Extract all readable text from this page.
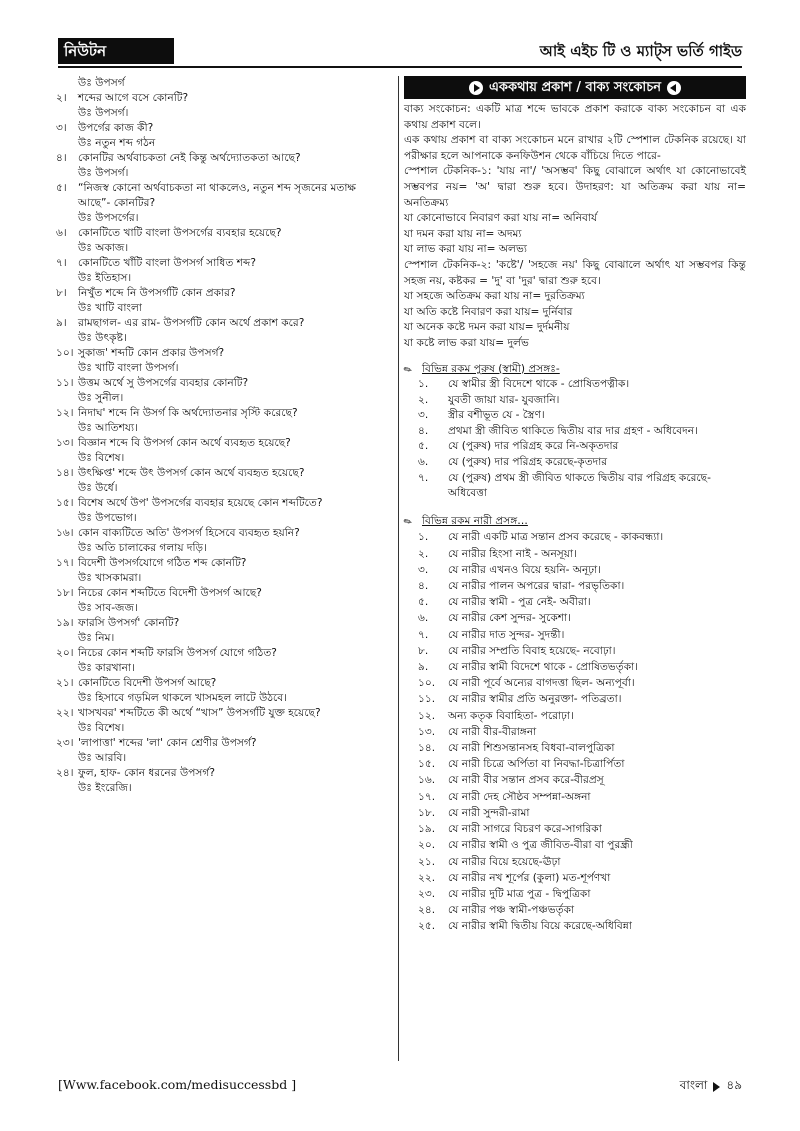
নিউটন	আই এইচ টি ও ম্যাট্স ভর্তি গাইড
উঃ উপসর্গ
২।	শব্দের আগে বসে কোনটি?
উঃ উপসর্গ।
৩।	উপর্গের কাজ কী?
উঃ নতুন শব্দ গঠন
৪।	কোনটির অর্থবাচকতা নেই কিন্তু অর্থদ্যোতকতা আছে?
উঃ উপসর্গ।
৫।	“নিজস্ব কোনো অর্থবাচকতা না থাকলেও, নতুন শব্দ সৃজনের মতাক্ষ আছে”- কোনটির?
উঃ উপসর্গের।
৬।	কোনটিতে খাটি বাংলা উপসর্গের ব্যবহার হয়েছে?
উঃ অকাজ।
৭।	কোনটিতে খাঁটি বাংলা উপসর্গ সাধিত শব্দ?
উঃ ইতিহাস।
৮।	নিখুঁত শব্দে নি উপসর্গটি কোন প্রকার?
উঃ খাটি বাংলা
৯।	রামছাগল- এর রাম- উপসর্গটি কোন অর্থে প্রকাশ করে?
উঃ উৎকৃষ্ট।
১০। সুকাজ' শব্দটি কোন প্রকার উপসর্গ?
উঃ খাটি বাংলা উপসর্গ।
১১। উত্তম অর্থে সু উপসর্গের ব্যবহার কোনটি?
উঃ সুনীল।
১২। নিদাঘ' শব্দে নি উসর্গ কি অর্থদ্যোতনার সৃস্টি করেছে?
উঃ আতিশয্য।
১৩। বিজ্ঞান শব্দে বি উপসর্গ কোন অর্থে ব্যবহৃত হয়েছে?
উঃ বিশেষ।
১৪। উৎক্ষিপ্ত' শব্দে উৎ উপসর্গ কোন অর্থে ব্যবহৃত হয়েছে?
উঃ উর্ধে।
১৫। বিশেষ অর্থে উপ' উপসর্গের ব্যবহার হয়েছে কোন শব্দটিতে?
উঃ উপভোগ।
১৬। কোন বাক্যটিতে অতি' উপসর্গ হিসেবে ব্যবহৃত হয়নি?
উঃ অতি চালাকের গলায় দড়ি।
১৭। বিদেশী উপসর্গযোগে গঠিত শব্দ কোনটি?
উঃ খাসকামরা।
১৮। নিচের কোন শব্দটিতে বিদেশী উপসর্গ আছে?
উঃ সাব-জজ।
১৯। ফারসি উপসর্গ' কোনটি?
উঃ নিম।
২০। নিচের কোন শব্দটি ফারসি উপসর্গ যোগে গঠিত?
উঃ কারখানা।
২১। কোনটিতে বিদেশী উপসর্গ আছে?
উঃ হিসাবে গড়মিল থাকলে খাসমহল লাটে উঠবে।
২২। খাসখবর' শব্দটিতে কী অর্থে “খাস” উপসর্গটি যুক্ত হয়েছে?
উঃ বিশেষ।
২৩। 'লাপাত্তা' শব্দের 'লা' কোন শ্রেণীর উপসর্গ?
উঃ আরবি।
২৪। ফুল, হাফ- কোন ধরনের উপসর্গ?
উঃ ইংরেজি।
এককথায় প্রকাশ / বাক্য সংকোচন
বাক্য সংকোচন: একটি মাত্র শব্দে ভাবকে প্রকাশ করাকে বাক্য সংকোচন বা এক কথায় প্রকাশ বলে।
এক কথায় প্রকাশ বা বাক্য সংকোচন মনে রাখার ২টি স্পেশাল টেকনিক রয়েছে। যা পরীক্ষার হলে আপনাকে কনফিউশন থেকে বাঁচিয়ে দিতে পারে-
স্পেশাল টেকনিক-১: 'যায় না'/ 'অসম্ভব' কিছু বোঝালে অর্থাৎ যা কোনোভাবেই সম্ভবপর নয়= 'অ' দ্বারা শুরু হবে। উদাহরণ: যা অতিক্রম করা যায় না= অনতিক্রম্য
যা কোনোভাবে নিবারণ করা যায় না= অনিবার্য
যা দমন করা যায় না= অদম্য
যা লাভ করা যায় না= অলভ্য
স্পেশাল টেকনিক-২: 'কষ্টে'/ 'সহজে নয়' কিছু বোঝালে অর্থাৎ যা সম্ভবপর কিন্তু সহজ নয়, কষ্টকর = 'দু' বা 'দুর' দ্বারা শুরু হবে।
যা সহজে অতিক্রম করা যায় না= দুরতিক্রম্য
যা অতি কষ্টে নিবারণ করা যায়= দুর্নিবার
যা অনেক কষ্টে দমন করা যায়= দুর্দমনীয়
যা কষ্টে লাভ করা যায়= দুর্লভ
✎ বিভিন্ন রকম পুরুষ (স্বামী) প্রসঙ্গঃ-
১.	যে স্বামীর স্ত্রী বিদেশে থাকে - প্রোষিতপত্নীক।
২.	যুবতী জায়া যার- যুবজানি।
৩.	স্ত্রীর বশীভূত যে - স্ত্রৈণ।
৪.	প্রথমা স্ত্রী জীবিত থাকিতে দ্বিতীয় বার দার গ্রহণ - অধিবেদন।
৫.	যে (পুরুষ) দার পরিগ্রহ করে নি-অকৃতদার
৬.	যে (পুরুষ) দার পরিগ্রহ করেছে-কৃতদার
৭.	যে (পুরুষ) প্রথম স্ত্রী জীবিত থাকতে দ্বিতীয় বার পরিগ্রহ করেছে- অধিবেত্তা
✎ বিভিন্ন রকম নারী প্রসঙ্গ…
১.	যে নারী একটি মাত্র সন্তান প্রসব করেছে - কাকবন্ধ্যা।
২.	যে নারীর হিংসা নাই - অনসূয়া।
৩.	যে নারীর এখনও বিয়ে হয়নি- অনূঢ়া।
৪.	যে নারীর পালন অপরের দ্বারা- পরভৃতিকা।
৫.	যে নারীর স্বামী - পুত্র নেই- অবীরা।
৬.	যে নারীর কেশ সুন্দর- সুকেশা।
৭.	যে নারীর দাত সুন্দর- সুদন্তী।
৮.	যে নারীর সম্প্রতি বিবাহ হয়েছে- নবোঢ়া।
৯.	যে নারীর স্বামী বিদেশে থাকে - প্রোষিতভর্তৃকা।
১০.	যে নারী পূর্বে অন্যের বাগদত্তা ছিল- অন্যপূর্বা।
১১.	যে নারীর স্বামীর প্রতি অনুরক্তা- পতিব্রতা।
১২.	অন্য কতৃক বিবাহিতা- পরোঢ়া।
১৩.	যে নারী বীর-বীরাঙ্গনা
১৪.	যে নারী শিশুসন্তানসহ বিধবা-বালপুত্রিকা
১৫.	যে নারী চিত্রে অর্পিতা বা নিবদ্ধা-চিত্রার্পিতা
১৬.	যে নারী বীর সন্তান প্রসব করে-বীরপ্রসূ
১৭.	যে নারী দেহ সৌষ্ঠব সম্পন্না-অঙ্গনা
১৮.	যে নারী সুন্দরী-রামা
১৯.	যে নারী সাগরে বিচরণ করে-সাগরিকা
২০.	যে নারীর স্বামী ও পুত্র জীবিত-বীরা বা পুরন্ধ্রী
২১.	যে নারীর বিয়ে হয়েছে-ঊঢ়া
২২.	যে নারীর নখ শূর্পের (কুলা) মত-শূর্পণখা
২৩.	যে নারীর দুটি মাত্র পুত্র - দ্বিপুত্রিকা
২৪.	যে নারীর পঞ্চ স্বামী-পঞ্চভর্তৃকা
২৫.	যে নারীর স্বামী দ্বিতীয় বিয়ে করেছে-অধিবিন্না
[Www.facebook.com/medisuccessbd ]	বাংলা ৪৯
